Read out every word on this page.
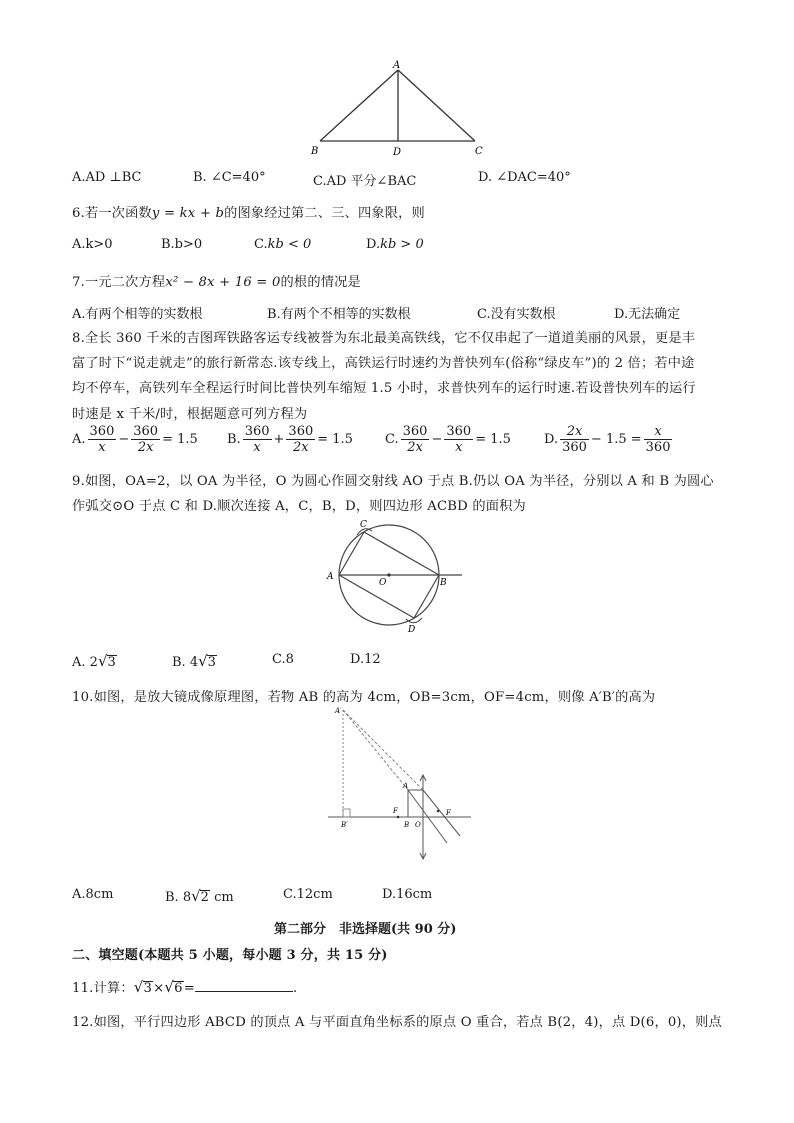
A
B	D	C
A.AD ⊥BC	B. ∠C=40°	C.AD 平分∠BAC	D. ∠DAC=40°
6.若一次函数y = kx + b的图象经过第二、三、四象限，则
A.k>0	B.b>0	C.kb < 0	D.kb > 0
7.一元二次方程x² − 8x + 16 = 0的根的情况是
A.有两个相等的实数根	B.有两个不相等的实数根	C.没有实数根	D.无法确定
8.全长 360 千米的吉图珲铁路客运专线被誉为东北最美高铁线，它不仅串起了一道道美丽的风景，更是丰
富了时下“说走就走”的旅行新常态.该专线上，高铁运行时速约为普快列车(俗称“绿皮车”)的 2 倍；若中途
均不停车，高铁列车全程运行时间比普快列车缩短 1.5 小时，求普快列车的运行时速.若设普快列车的运行
时速是 x 千米/时，根据题意可列方程为
A. $\frac{360}{x} - \frac{360}{2x} = 1.5$ B. $\frac{360}{x} + \frac{360}{2x} = 1.5$ C. $\frac{360}{2x} - \frac{360}{x} = 1.5$	D. $\frac{2x}{360} - 1.5 = \frac{x}{360}$
9.如图，OA=2，以 OA 为半径，O 为圆心作圆交射线 AO 于点 B.仍以 OA 为半径，分别以 A 和 B 为圆心
作弧交⊙O 于点 C 和 D.顺次连接 A，C，B，D，则四边形 ACBD 的面积为
C
A
O	B
D
A. 2√3	B. 4√3	C.8	D.12
10.如图，是放大镜成像原理图，若物 AB 的高为 4cm，OB=3cm，OF=4cm，则像 A′B′的高为
A′
B′
A
B O
F	F
A.8cm	B. 8√2 cm	C.12cm	D.16cm
第二部分　非选择题(共 90 分)
二、填空题(本题共 5 小题，每小题 3 分，共 15 分)
11.计算：√3×√6=	.
12.如图，平行四边形 ABCD 的顶点 A 与平面直角坐标系的原点 O 重合，若点 B(2，4)，点 D(6，0)，则点
